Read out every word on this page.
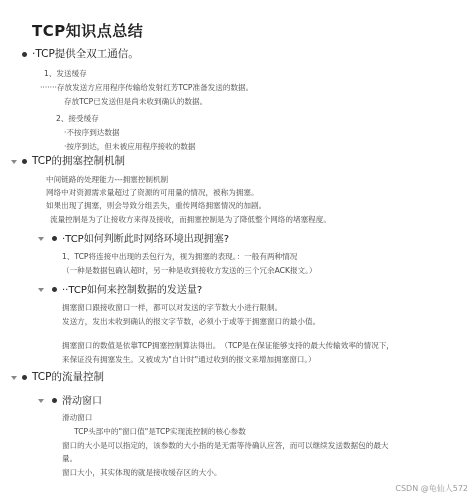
TCP知识点总结
·TCP提供全双工通信。
1、发送缓存
·······存放发送方应用程序传输给发射红芳TCP准备发送的数据。
存放TCP已发送但是尚未收到确认的数据。
2、接受缓存
·不按序到达数据
·按序到达，但未被应用程序接收的数据
TCP的拥塞控制机制
中间链路的处理能力---拥塞控制机制
网络中对资源需求量超过了资源的可用量的情况，被称为拥塞。
如果出现了拥塞，则会导致分组丢失，重传网络拥塞情况的加剧。
流量控制是为了让接收方来得及接收，而拥塞控制是为了降低整个网络的堵塞程度。
·TCP如何判断此时网络环境出现拥塞?
1、TCP将连接中出现的丢包行为，视为拥塞的表现。：一般有两种情况
（一种是数据包确认超时，另一种是收到接收方发送的三个冗余ACK报文。）
··TCP如何来控制数据的发送量?
拥塞窗口跟接收窗口一样，都可以对发送的字节数大小进行限制。
发送方，发出未收到确认的报文字节数，必须小于或等于拥塞窗口的最小值。
拥塞窗口的数值是依靠TCP拥塞控制算法得出。　（TCP是在保证能够支持的最大传输效率的情况下，
来保证没有拥塞发生。又被成为"自计时"通过收到的报文来增加拥塞窗口。）
TCP的流量控制
滑动窗口
滑动窗口
TCP头部中的"窗口值"是TCP实现流控制的核心参数
窗口的大小是可以指定的，该参数的大小指的是无需等待确认应答，而可以继续发送数据包的最大
量。
窗口大小，其实体现的就是接收缓存区的大小。
CSDN @龟仙人572
